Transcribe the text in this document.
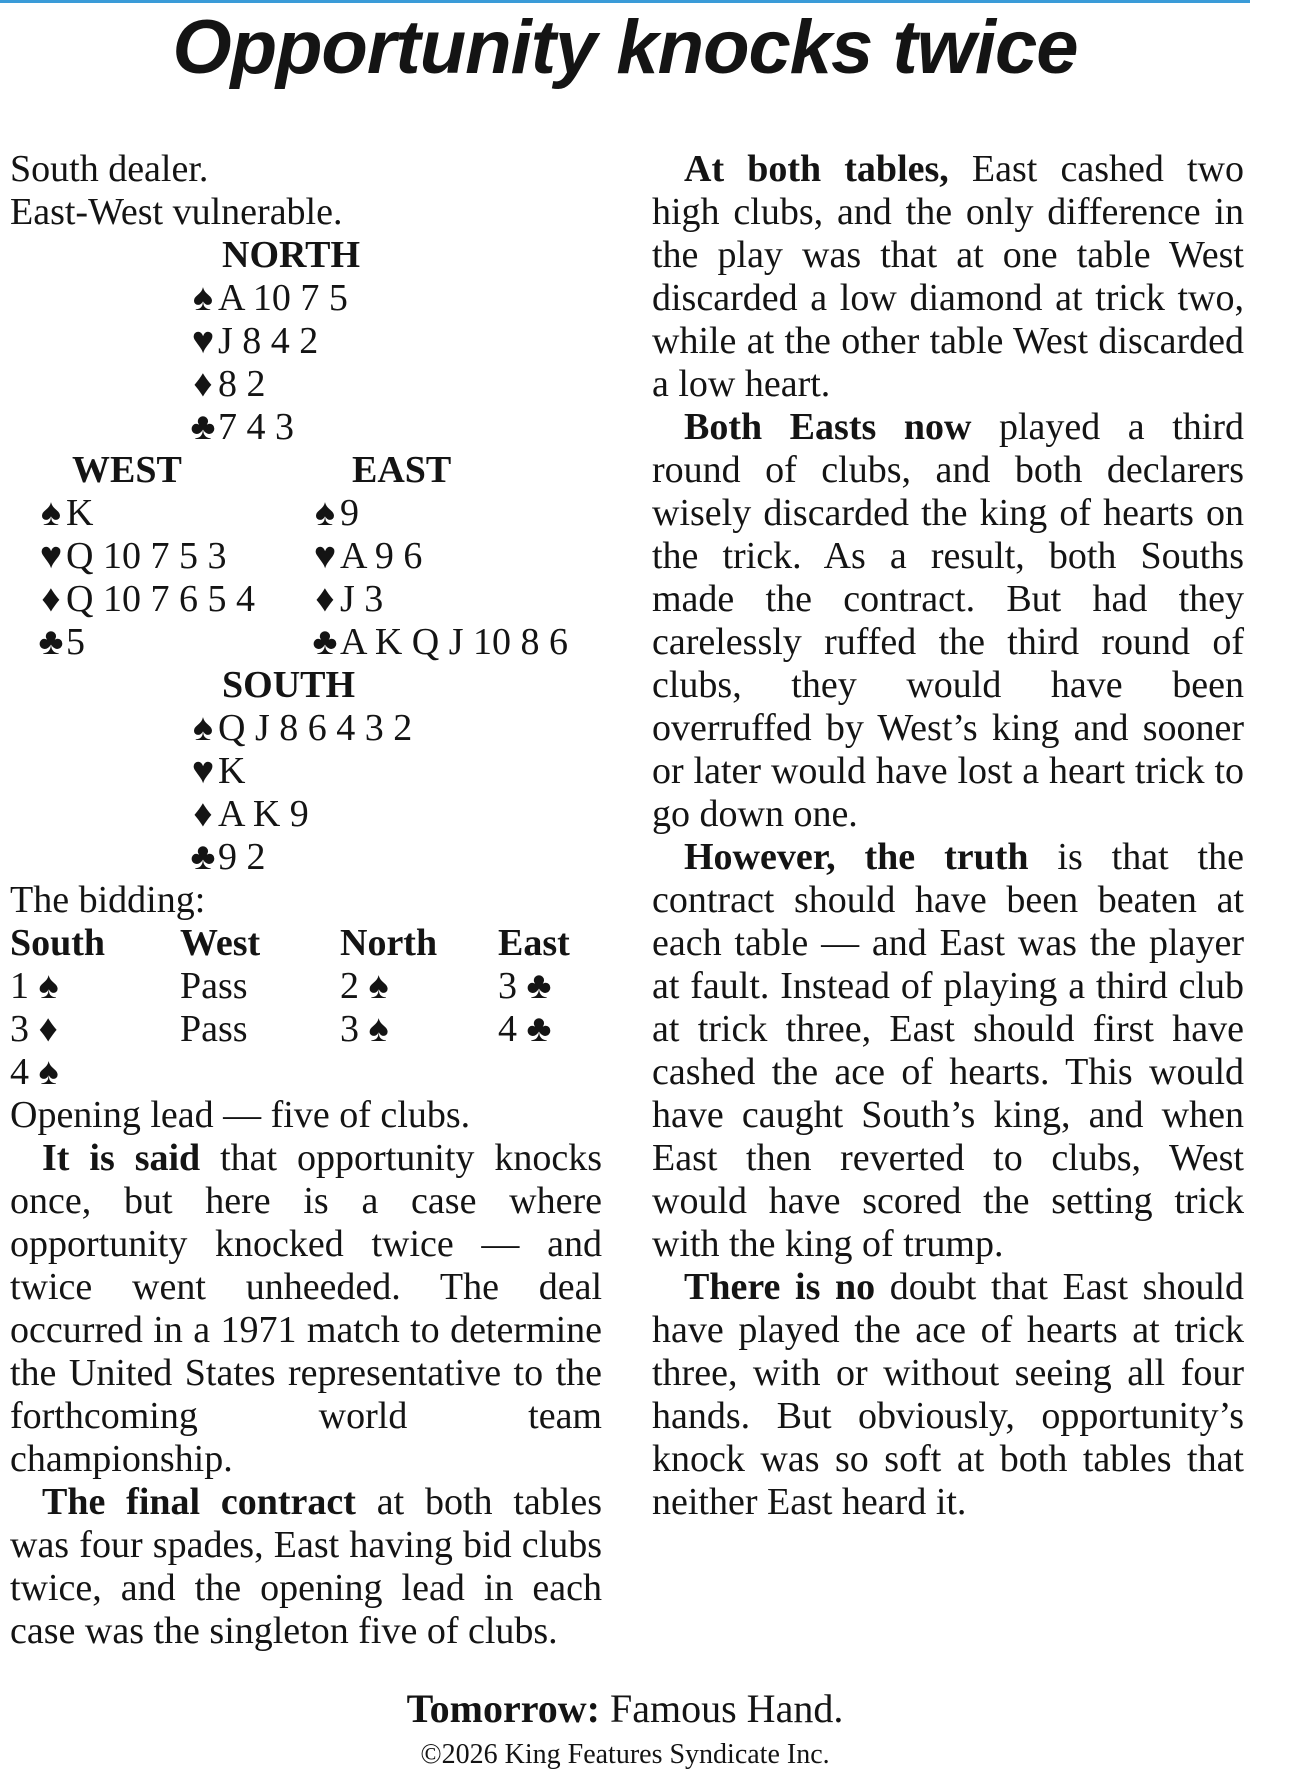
Opportunity knocks twice
South dealer.
East-West vulnerable.
NORTH
♠ A 10 7 5
♥J 8 4 2
♦ 8 2
♣7 4 3
WEST	EAST
♠ K	♠ 9
♥Q 10 7 5 3 ♥A 9 6
♦ Q 10 7 6 5 4 ♦ J 3
♣5	♣A K Q J 10 8 6
SOUTH
♠ Q J 8 6 4 3 2
♥K
♦ A K 9
♣9 2
The bidding:
South West North East
1 ♠	Pass 2 ♠	3 ♣
3 ♦	Pass 3 ♠	4 ♣
4 ♠
Opening lead — five of clubs.

It is said that opportunity knocks once, but here is a case where opportunity knocked twice — and twice went unheeded. The deal occurred in a 1971 match to determine the United States representative to the forthcoming world team championship.

The final contract at both tables was four spades, East having bid clubs twice, and the opening lead in each case was the singleton five of clubs.

At both tables, East cashed two high clubs, and the only difference in the play was that at one table West discarded a low diamond at trick two, while at the other table West discarded a low heart.

Both Easts now played a third round of clubs, and both declarers wisely discarded the king of hearts on the trick. As a result, both Souths made the contract. But had they carelessly ruffed the third round of clubs, they would have been overruffed by West’s king and sooner or later would have lost a heart trick to go down one.

However, the truth is that the contract should have been beaten at each table — and East was the player at fault. Instead of playing a third club at trick three, East should first have cashed the ace of hearts. This would have caught South’s king, and when East then reverted to clubs, West would have scored the setting trick with the king of trump.

There is no doubt that East should have played the ace of hearts at trick three, with or without seeing all four hands. But obviously, opportunity’s knock was so soft at both tables that neither East heard it.

Tomorrow: Famous Hand.
©2026 King Features Syndicate Inc.
